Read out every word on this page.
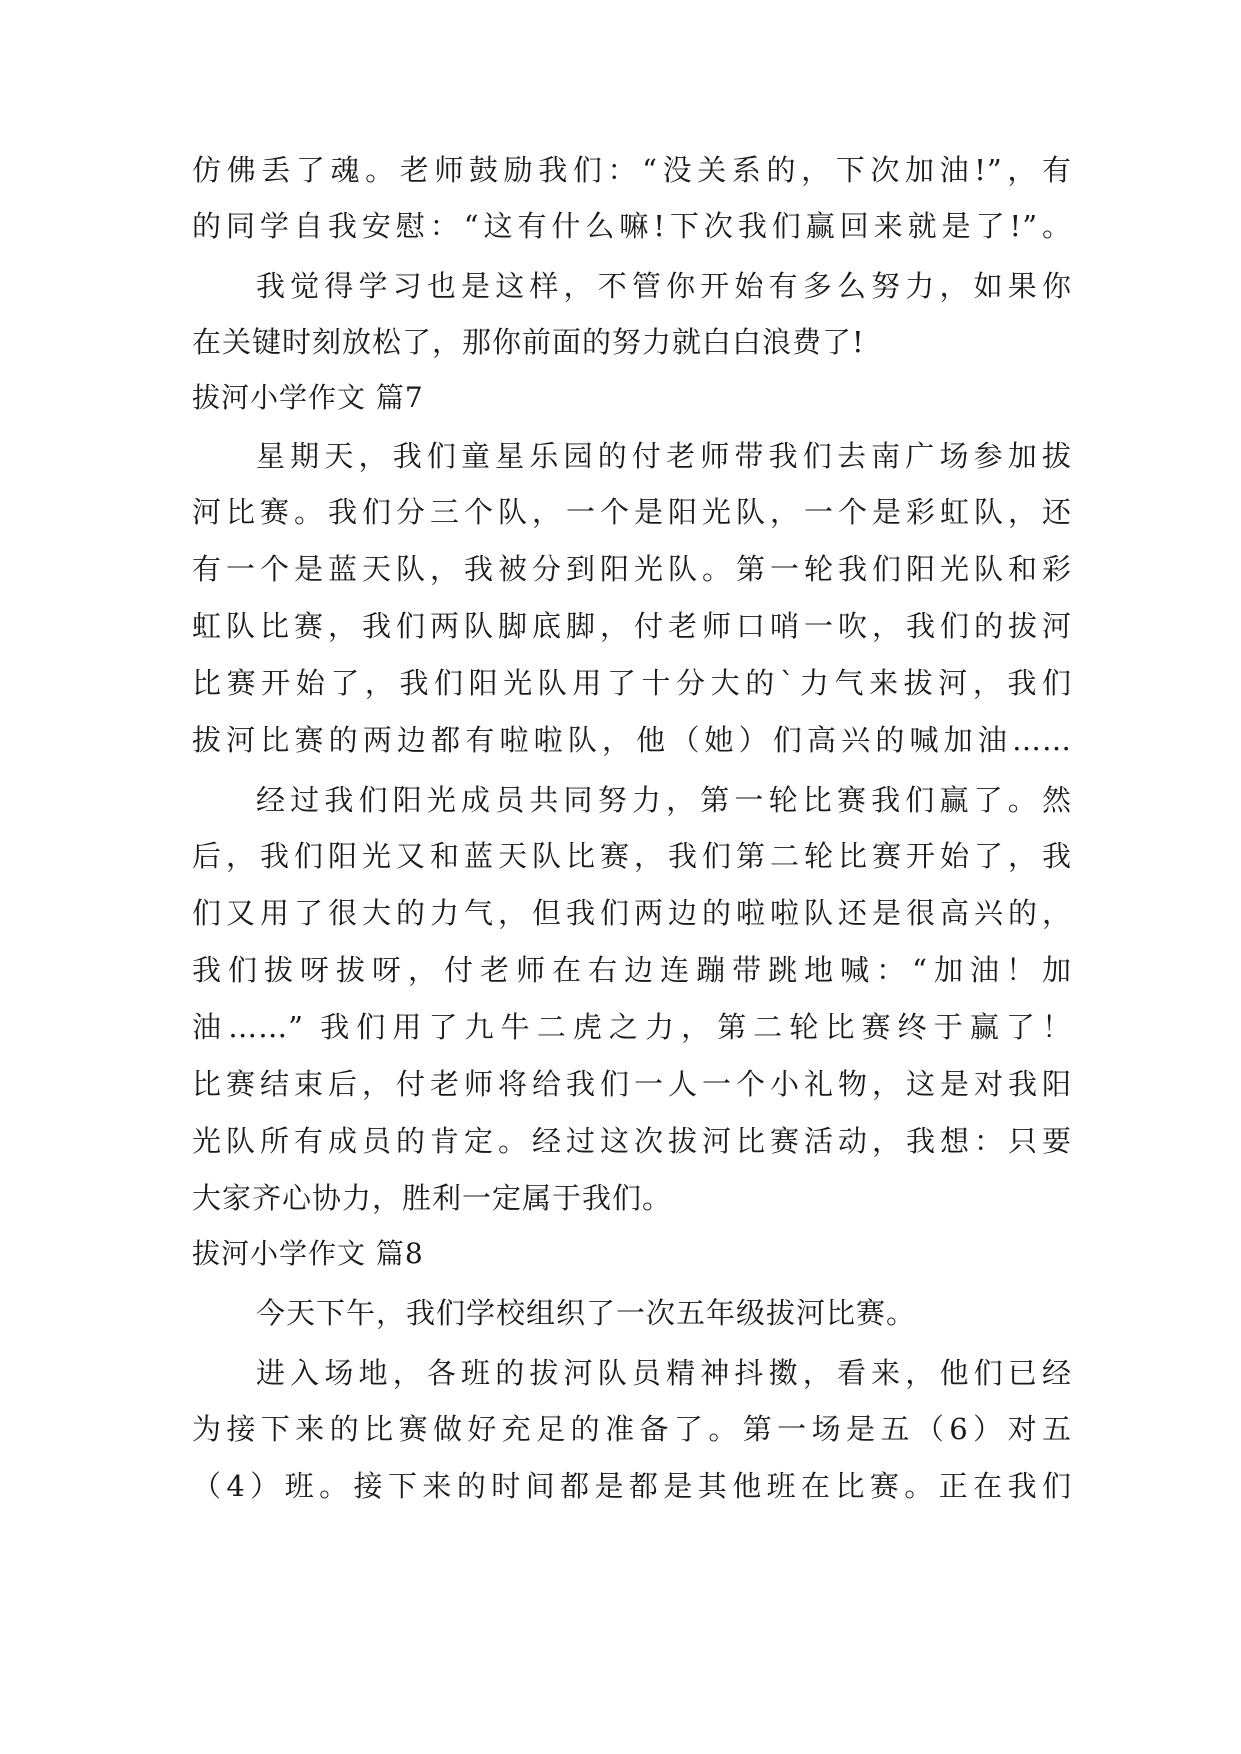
仿佛丢了魂。老师鼓励我们：“没关系的，下次加油!”，有
的同学自我安慰：“这有什么嘛!下次我们赢回来就是了!”。
我觉得学习也是这样，不管你开始有多么努力，如果你
在关键时刻放松了，那你前面的努力就白白浪费了!
拔河小学作文 篇7
星期天，我们童星乐园的付老师带我们去南广场参加拔
河比赛。我们分三个队，一个是阳光队，一个是彩虹队，还
有一个是蓝天队，我被分到阳光队。第一轮我们阳光队和彩
虹队比赛，我们两队脚底脚，付老师口哨一吹，我们的拔河
比赛开始了，我们阳光队用了十分大的`力气来拔河，我们
拔河比赛的两边都有啦啦队，他（她）们高兴的喊加油……
经过我们阳光成员共同努力，第一轮比赛我们赢了。然
后，我们阳光又和蓝天队比赛，我们第二轮比赛开始了，我
们又用了很大的力气，但我们两边的啦啦队还是很高兴的，
我们拔呀拔呀，付老师在右边连蹦带跳地喊：“加油！加
油……” 我们用了九牛二虎之力，第二轮比赛终于赢了！
比赛结束后，付老师将给我们一人一个小礼物，这是对我阳
光队所有成员的肯定。经过这次拔河比赛活动，我想：只要
大家齐心协力，胜利一定属于我们。
拔河小学作文 篇8
今天下午，我们学校组织了一次五年级拔河比赛。
进入场地，各班的拔河队员精神抖擞，看来，他们已经
为接下来的比赛做好充足的准备了。第一场是五（6）对五
（4）班。接下来的时间都是都是其他班在比赛。正在我们
